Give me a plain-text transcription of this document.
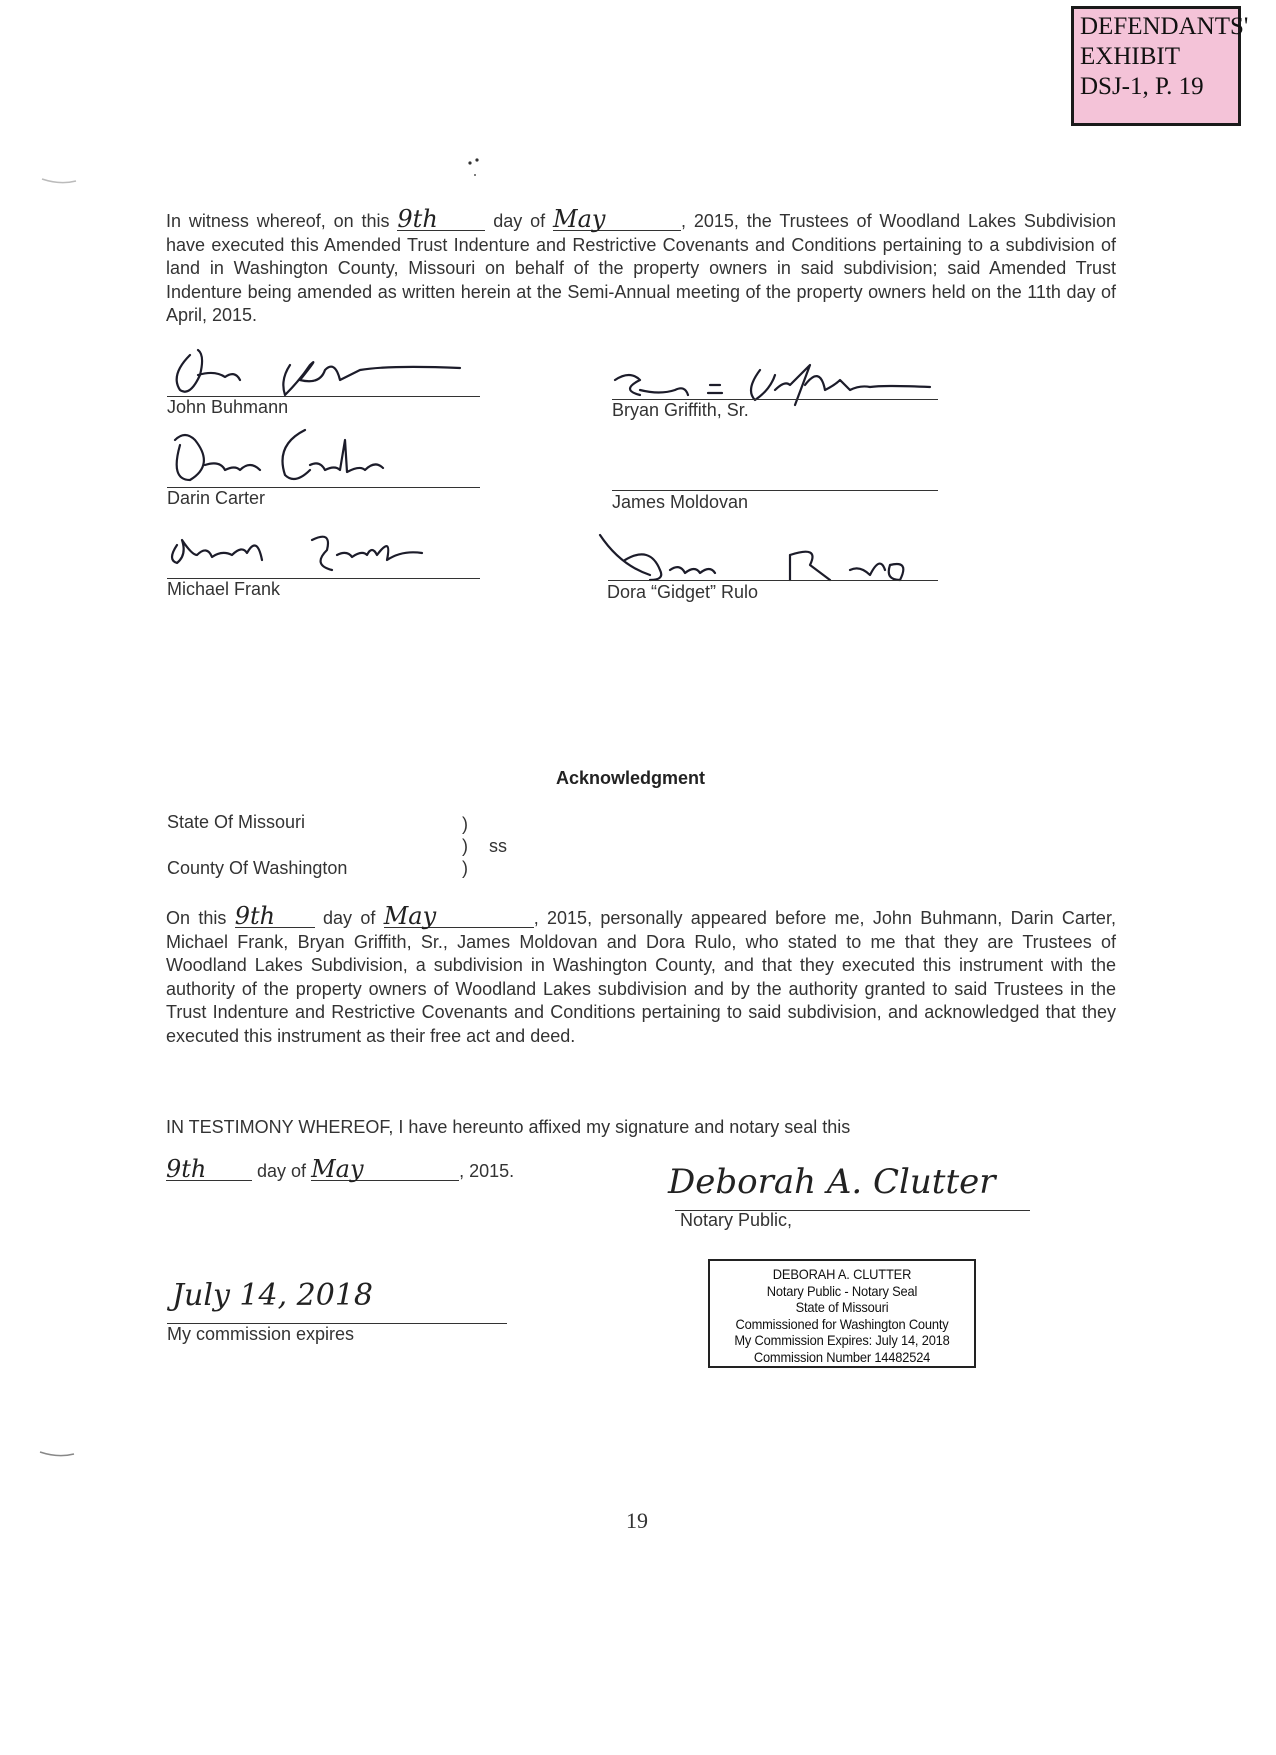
DEFENDANTS'
EXHIBIT
DSJ-1, P. 19
In witness whereof, on this 9th	day of May	, 2015, the Trustees of Woodland Lakes Subdivision have executed this Amended Trust Indenture and Restrictive Covenants and Conditions pertaining to a subdivision of land in Washington County, Missouri on behalf of the property owners in said subdivision; said Amended Trust Indenture being amended as written herein at the Semi-Annual meeting of the property owners held on the 11th day of April, 2015.
John Buhmann	Bryan Griffith, Sr.
Darin Carter	James Moldovan
Michael Frank	Dora “Gidget” Rulo
Acknowledgment
State Of Missouri
County Of Washington
)
)
)
ss
On this 9th	day of May	, 2015, personally appeared before me, John Buhmann, Darin Carter, Michael Frank, Bryan Griffith, Sr., James Moldovan and Dora Rulo, who stated to me that they are Trustees of Woodland Lakes Subdivision, a subdivision in Washington County, and that they executed this instrument with the authority of the property owners of Woodland Lakes subdivision and by the authority granted to said Trustees in the Trust Indenture and Restrictive Covenants and Conditions pertaining to said subdivision, and acknowledged that they executed this instrument as their free act and deed.
IN TESTIMONY WHEREOF, I have hereunto affixed my signature and notary seal this
9th	day of May	, 2015.	Deborah A. Clutter
Notary Public,
July 14, 2018
My commission expires
DEBORAH A. CLUTTER
Notary Public - Notary Seal
State of Missouri
Commissioned for Washington County
My Commission Expires: July 14, 2018
Commission Number 14482524
19
